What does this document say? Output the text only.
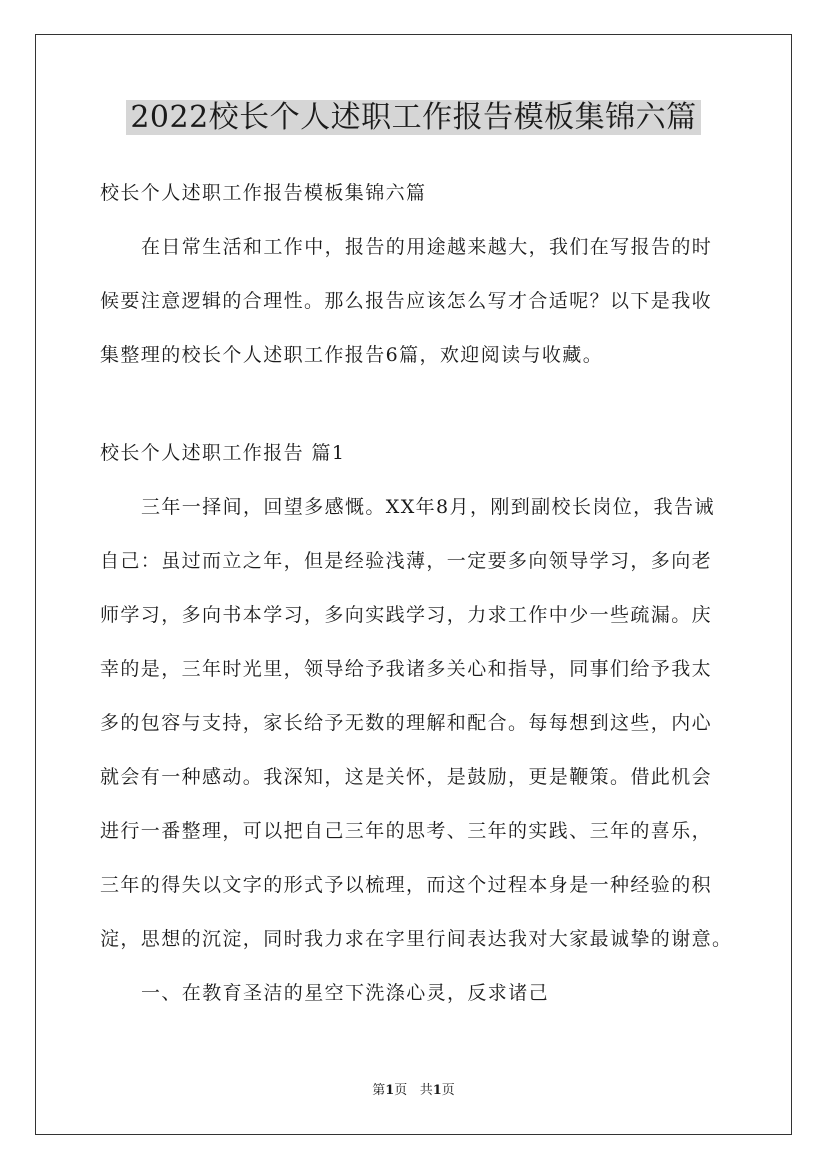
2022校长个人述职工作报告模板集锦六篇
校长个人述职工作报告模板集锦六篇
在日常生活和工作中，报告的用途越来越大，我们在写报告的时
候要注意逻辑的合理性。那么报告应该怎么写才合适呢？以下是我收
集整理的校长个人述职工作报告6篇，欢迎阅读与收藏。
校长个人述职工作报告 篇1
三年一择间，回望多感慨。XX年8月，刚到副校长岗位，我告诫
自己：虽过而立之年，但是经验浅薄，一定要多向领导学习，多向老
师学习，多向书本学习，多向实践学习，力求工作中少一些疏漏。庆
幸的是，三年时光里，领导给予我诸多关心和指导，同事们给予我太
多的包容与支持，家长给予无数的理解和配合。每每想到这些，内心
就会有一种感动。我深知，这是关怀，是鼓励，更是鞭策。借此机会
进行一番整理，可以把自己三年的思考、三年的实践、三年的喜乐，
三年的得失以文字的形式予以梳理，而这个过程本身是一种经验的积
淀，思想的沉淀，同时我力求在字里行间表达我对大家最诚挚的谢意。
一、在教育圣洁的星空下洗涤心灵，反求诸己
第1页 共1页
